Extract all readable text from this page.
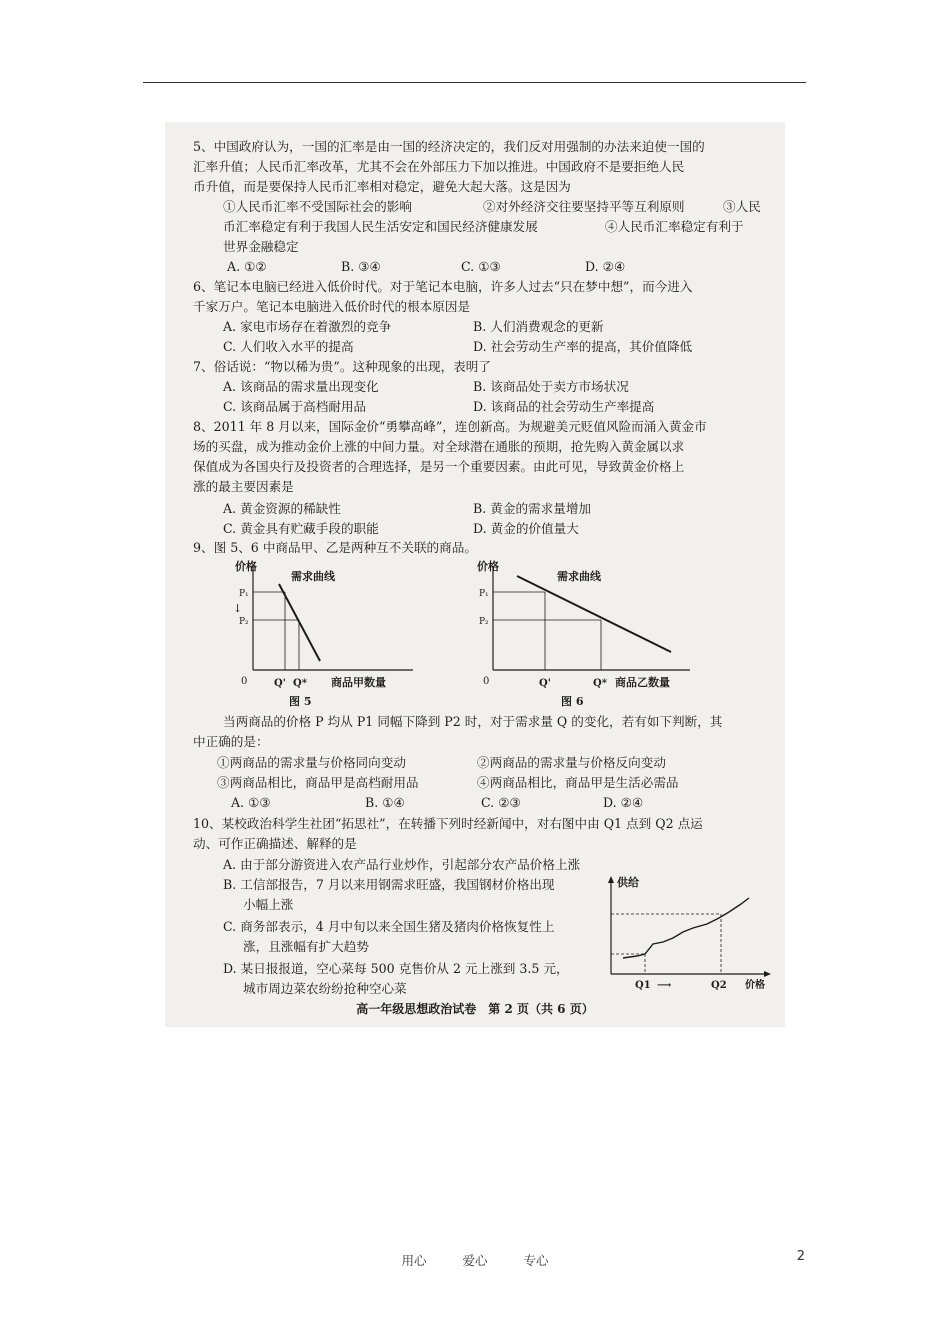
5、中国政府认为，一国的汇率是由一国的经济决定的，我们反对用强制的办法来迫使一国的
汇率升值；人民币汇率改革，尤其不会在外部压力下加以推进。中国政府不是要拒绝人民
币升值，而是要保持人民币汇率相对稳定，避免大起大落。这是因为
①人民币汇率不受国际社会的影响	②对外经济交往要坚持平等互利原则	③人民
币汇率稳定有利于我国人民生活安定和国民经济健康发展	④人民币汇率稳定有利于
世界金融稳定
A. ①②	B. ③④	C. ①③	D. ②④
6、笔记本电脑已经进入低价时代。对于笔记本电脑，许多人过去“只在梦中想”，而今进入
千家万户。笔记本电脑进入低价时代的根本原因是
A. 家电市场存在着激烈的竞争	B. 人们消费观念的更新
C. 人们收入水平的提高	D. 社会劳动生产率的提高，其价值降低
7、俗话说：“物以稀为贵”。这种现象的出现，表明了
A. 该商品的需求量出现变化	B. 该商品处于卖方市场状况
C. 该商品属于高档耐用品	D. 该商品的社会劳动生产率提高
8、2011 年 8 月以来，国际金价“勇攀高峰”，连创新高。为规避美元贬值风险而涌入黄金市
场的买盘，成为推动金价上涨的中间力量。对全球潜在通胀的预期，抢先购入黄金属以求
保值成为各国央行及投资者的合理选择，是另一个重要因素。由此可见，导致黄金价格上
涨的最主要因素是
A. 黄金资源的稀缺性	B. 黄金的需求量增加
C. 黄金具有贮藏手段的职能	D. 黄金的价值量大
9、图 5、6 中商品甲、乙是两种互不关联的商品。
价格
需求曲线
P₁
P₂
↓
0	Q' Q* 商品甲数量
图 5
价格
需求曲线
P₁
P₂
0	Q'	Q* 商品乙数量
图 6
当两商品的价格 P 均从 P1 同幅下降到 P2 时，对于需求量 Q 的变化，若有如下判断，其
中正确的是：
①两商品的需求量与价格同向变动	②两商品的需求量与价格反向变动
③两商品相比，商品甲是高档耐用品	④两商品相比，商品甲是生活必需品
A. ①③	B. ①④	C. ②③	D. ②④
10、某校政治科学生社团“拓思社”，在转播下列时经新闻中，对右图中由 Q1 点到 Q2 点运
动、可作正确描述、解释的是
A. 由于部分游资进入农产品行业炒作，引起部分农产品价格上涨
B. 工信部报告，7 月以来用钢需求旺盛，我国钢材价格出现
小幅上涨
C. 商务部表示，4 月中旬以来全国生猪及猪肉价格恢复性上
涨，且涨幅有扩大趋势
D. 某日报报道，空心菜每 500 克售价从 2 元上涨到 3.5 元，
城市周边菜农纷纷抢种空心菜
供给
Q1 ⟶	Q2 价格
高一年级思想政治试卷　第 2 页（共 6 页）
用心	爱心	专心	2
